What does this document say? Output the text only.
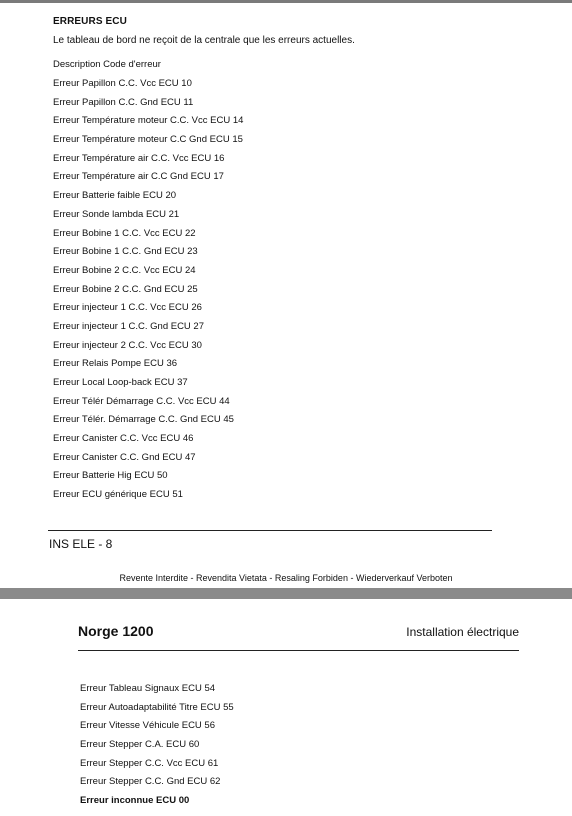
ERREURS ECU
Le tableau de bord ne reçoit de la centrale que les erreurs actuelles.
Description Code d'erreur
Erreur Papillon C.C. Vcc ECU 10
Erreur Papillon C.C. Gnd ECU 11
Erreur Température moteur C.C. Vcc ECU 14
Erreur Température moteur C.C Gnd ECU 15
Erreur Température air C.C. Vcc ECU 16
Erreur Température air C.C Gnd ECU 17
Erreur Batterie faible ECU 20
Erreur Sonde lambda ECU 21
Erreur Bobine 1 C.C. Vcc ECU 22
Erreur Bobine 1 C.C. Gnd ECU 23
Erreur Bobine 2 C.C. Vcc ECU 24
Erreur Bobine 2 C.C. Gnd ECU 25
Erreur injecteur 1 C.C. Vcc ECU 26
Erreur injecteur 1 C.C. Gnd ECU 27
Erreur injecteur 2 C.C. Vcc ECU 30
Erreur Relais Pompe ECU 36
Erreur Local Loop-back ECU 37
Erreur Télér Démarrage C.C. Vcc ECU 44
Erreur Télér. Démarrage C.C. Gnd ECU 45
Erreur Canister C.C. Vcc ECU 46
Erreur Canister C.C. Gnd ECU 47
Erreur Batterie Hig ECU 50
Erreur ECU générique ECU 51
INS ELE - 8
Revente Interdite - Revendita Vietata - Resaling Forbiden - Wiederverkauf Verboten
Norge 1200	Installation électrique
Erreur Tableau Signaux ECU 54
Erreur Autoadaptabilité Titre ECU 55
Erreur Vitesse Véhicule ECU 56
Erreur Stepper C.A. ECU 60
Erreur Stepper C.C. Vcc ECU 61
Erreur Stepper C.C. Gnd ECU 62
Erreur inconnue ECU 00
